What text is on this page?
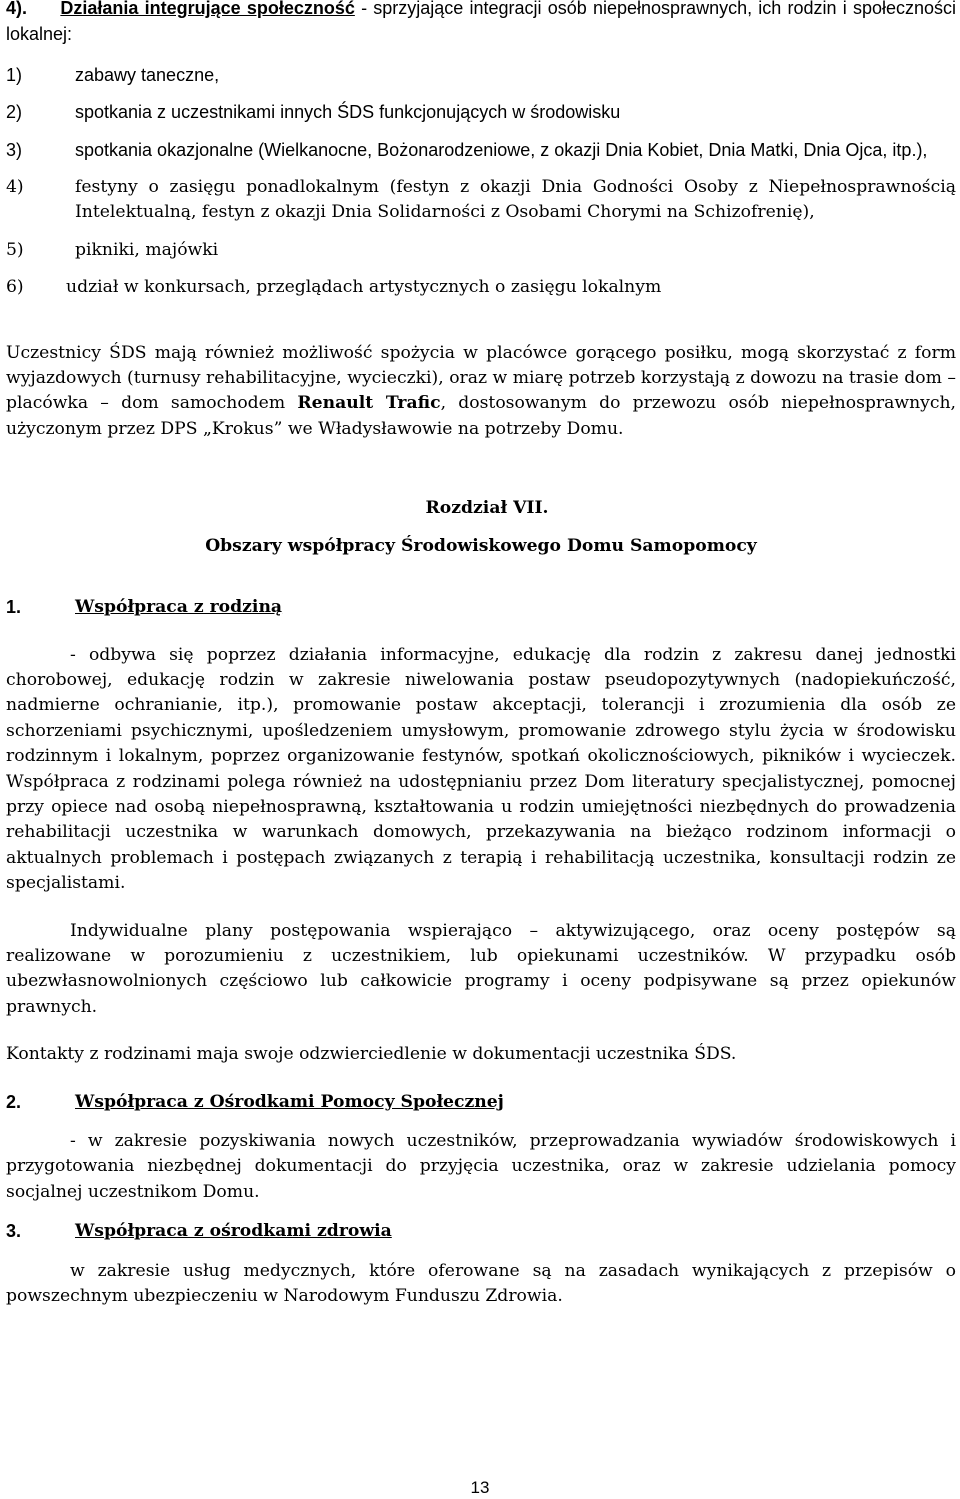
4). Działania integrujące społeczność - sprzyjające integracji osób niepełnosprawnych, ich rodzin i społeczności lokalnej:

1)	zabawy taneczne,
2)	spotkania z uczestnikami innych ŚDS funkcjonujących w środowisku
3)	spotkania okazjonalne (Wielkanocne, Bożonarodzeniowe, z okazji Dnia Kobiet, Dnia Matki, Dnia Ojca, itp.),
4)	festyny o zasięgu ponadlokalnym (festyn z okazji Dnia Godności Osoby z Niepełnosprawnością Intelektualną, festyn z okazji Dnia Solidarności z Osobami Chorymi na Schizofrenię),
5)	pikniki, majówki
6)	udział w konkursach, przeglądach artystycznych o zasięgu lokalnym

Uczestnicy ŚDS mają również możliwość spożycia w placówce gorącego posiłku, mogą skorzystać z form wyjazdowych (turnusy rehabilitacyjne, wycieczki), oraz w miarę potrzeb korzystają z dowozu na trasie dom – placówka – dom samochodem Renault Trafic, dostosowanym do przewozu osób niepełnosprawnych, użyczonym przez DPS „Krokus” we Władysławowie na potrzeby Domu.

Rozdział VII.

Obszary współpracy Środowiskowego Domu Samopomocy

1.	Współpraca z rodziną

- odbywa się poprzez działania informacyjne, edukację dla rodzin z zakresu danej jednostki chorobowej, edukację rodzin w zakresie niwelowania postaw pseudopozytywnych (nadopiekuńczość, nadmierne ochranianie, itp.), promowanie postaw akceptacji, tolerancji i zrozumienia dla osób ze schorzeniami psychicznymi, upośledzeniem umysłowym, promowanie zdrowego stylu życia w środowisku rodzinnym i lokalnym, poprzez organizowanie festynów, spotkań okolicznościowych, pikników i wycieczek. Współpraca z rodzinami polega również na udostępnianiu przez Dom literatury specjalistycznej, pomocnej przy opiece nad osobą niepełnosprawną, kształtowania u rodzin umiejętności niezbędnych do prowadzenia rehabilitacji uczestnika w warunkach domowych, przekazywania na bieżąco rodzinom informacji o aktualnych problemach i postępach związanych z terapią i rehabilitacją uczestnika, konsultacji rodzin ze specjalistami.

Indywidualne plany postępowania wspierająco – aktywizującego, oraz oceny postępów są realizowane w porozumieniu z uczestnikiem, lub opiekunami uczestników. W przypadku osób ubezwłasnowolnionych częściowo lub całkowicie programy i oceny podpisywane są przez opiekunów prawnych.

Kontakty z rodzinami maja swoje odzwierciedlenie w dokumentacji uczestnika ŚDS.

2.	Współpraca z Ośrodkami Pomocy Społecznej

- w zakresie pozyskiwania nowych uczestników, przeprowadzania wywiadów środowiskowych i przygotowania niezbędnej dokumentacji do przyjęcia uczestnika, oraz w zakresie udzielania pomocy socjalnej uczestnikom Domu.

3.	Współpraca z ośrodkami zdrowia

w zakresie usług medycznych, które oferowane są na zasadach wynikających z przepisów o powszechnym ubezpieczeniu w Narodowym Funduszu Zdrowia.

13
